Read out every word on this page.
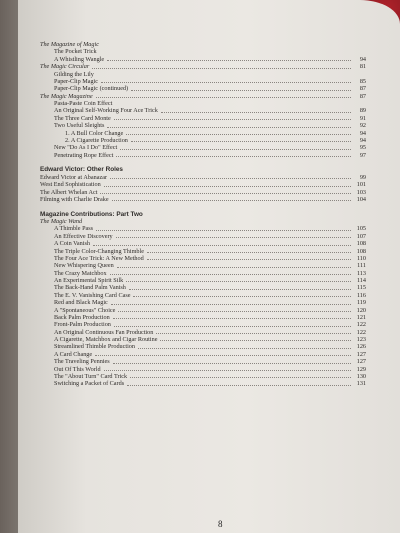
The Magazine of Magic
The Pocket Trick
A Whistling Wangle	94
The Magic Circular	81
Gilding the Lily
Paper-Clip Magic	85
Paper-Clip Magic (continued)	87
The Magic Magazine	87
Pasta-Paste Coin Effect
An Original Self-Working Four Ace Trick	89
The Three Card Monte	91
Two Useful Sleights	92
1. A Bull Color Change	94
2. A Cigarette Production	94
New "Do As I Do" Effect	95
Penetrating Rope Effect	97
Edward Victor: Other Roles
Edward Victor at Abanazar	99
West End Sophistication	101
The Albert Whelan Act	103
Filming with Charlie Drake	104
Magazine Contributions: Part Two
The Magic Wand
A Thimble Pass	105
An Effective Discovery	107
A Coin Vanish	108
The Triple Color-Changing Thimble	108
The Four Ace Trick: A New Method	110
New Whispering Queen	111
The Crazy Matchbox	113
An Experimental Spirit Silk	114
The Back-Hand Palm Vanish	115
The E. V. Vanishing Card Case	116
Red and Black Magic	119
A "Spontaneous" Choice	120
Back Palm Production	121
Front-Palm Production	122
An Original Continuous Fan Production	122
A Cigarette, Matchbox and Cigar Routine	123
Streamlined Thimble Production	126
A Card Change	127
The Traveling Pennies	127
Out Of This World	129
The "About Turn" Card Trick	130
Switching a Packet of Cards	131
8
